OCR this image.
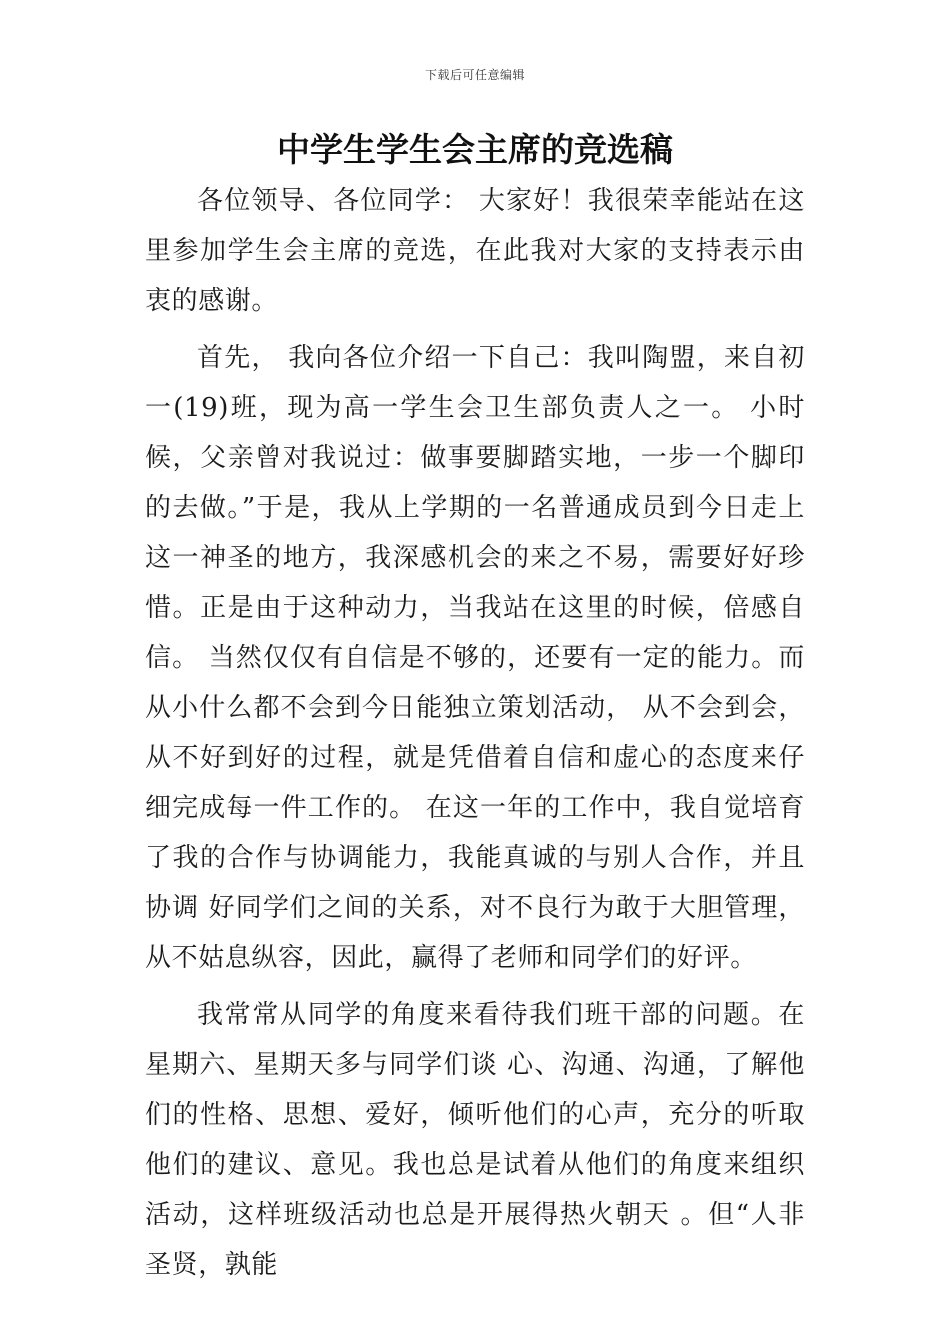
下载后可任意编辑
中学生学生会主席的竞选稿

各位领导、各位同学： 大家好！我很荣幸能站在这里参加学生会主席的竞选，在此我对大家的支持表示由衷的感谢。

首先， 我向各位介绍一下自己：我叫陶盟，来自初一(19)班，现为高一学生会卫生部负责人之一。 小时候，父亲曾对我说过：做事要脚踏实地，一步一个脚印的去做。”于是，我从上学期的一名普通成员到今日走上这一神圣的地方，我深感机会的来之不易，需要好好珍惜。正是由于这种动力，当我站在这里的时候，倍感自信。 当然仅仅有自信是不够的，还要有一定的能力。而从小什么都不会到今日能独立策划活动， 从不会到会，从不好到好的过程，就是凭借着自信和虚心的态度来仔细完成每一件工作的。 在这一年的工作中，我自觉培育了我的合作与协调能力，我能真诚的与别人合作，并且协调 好同学们之间的关系，对不良行为敢于大胆管理，从不姑息纵容，因此，赢得了老师和同学们的好评。

我常常从同学的角度来看待我们班干部的问题。在星期六、星期天多与同学们谈 心、沟通、沟通，了解他们的性格、思想、爱好，倾听他们的心声，充分的听取他们的建议、意见。我也总是试着从他们的角度来组织活动，这样班级活动也总是开展得热火朝天 。但“人非圣贤，孰能
